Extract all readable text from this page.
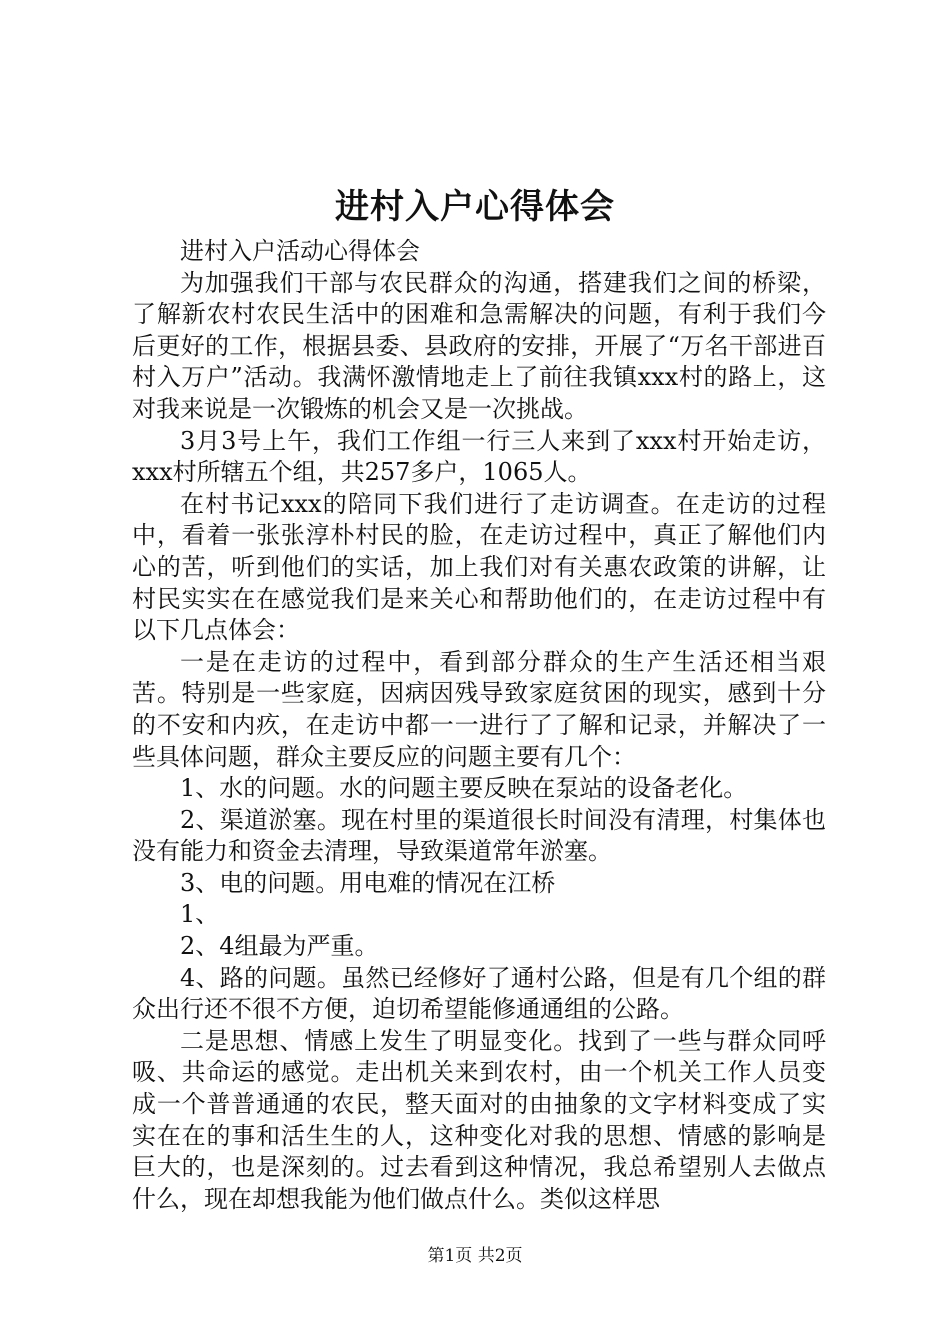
进村入户心得体会

进村入户活动心得体会

为加强我们干部与农民群众的沟通，搭建我们之间的桥梁，了解新农村农民生活中的困难和急需解决的问题，有利于我们今后更好的工作，根据县委、县政府的安排，开展了“万名干部进百村入万户”活动。我满怀激情地走上了前往我镇xxx村的路上，这对我来说是一次锻炼的机会又是一次挑战。

3月3号上午，我们工作组一行三人来到了xxx村开始走访，xxx村所辖五个组，共257多户，1065人。

在村书记xxx的陪同下我们进行了走访调查。在走访的过程中，看着一张张淳朴村民的脸，在走访过程中，真正了解他们内心的苦，听到他们的实话，加上我们对有关惠农政策的讲解，让村民实实在在感觉我们是来关心和帮助他们的，在走访过程中有以下几点体会：

一是在走访的过程中，看到部分群众的生产生活还相当艰苦。特别是一些家庭，因病因残导致家庭贫困的现实，感到十分的不安和内疚，在走访中都一一进行了了解和记录，并解决了一些具体问题，群众主要反应的问题主要有几个：

1、水的问题。水的问题主要反映在泵站的设备老化。

2、渠道淤塞。现在村里的渠道很长时间没有清理，村集体也没有能力和资金去清理，导致渠道常年淤塞。

3、电的问题。用电难的情况在江桥

1、

2、4组最为严重。

4、路的问题。虽然已经修好了通村公路，但是有几个组的群众出行还不很不方便，迫切希望能修通通组的公路。

二是思想、情感上发生了明显变化。找到了一些与群众同呼吸、共命运的感觉。走出机关来到农村，由一个机关工作人员变成一个普普通通的农民，整天面对的由抽象的文字材料变成了实实在在的事和活生生的人，这种变化对我的思想、情感的影响是巨大的，也是深刻的。过去看到这种情况，我总希望别人去做点什么，现在却想我能为他们做点什么。类似这样思

第1页 共2页
